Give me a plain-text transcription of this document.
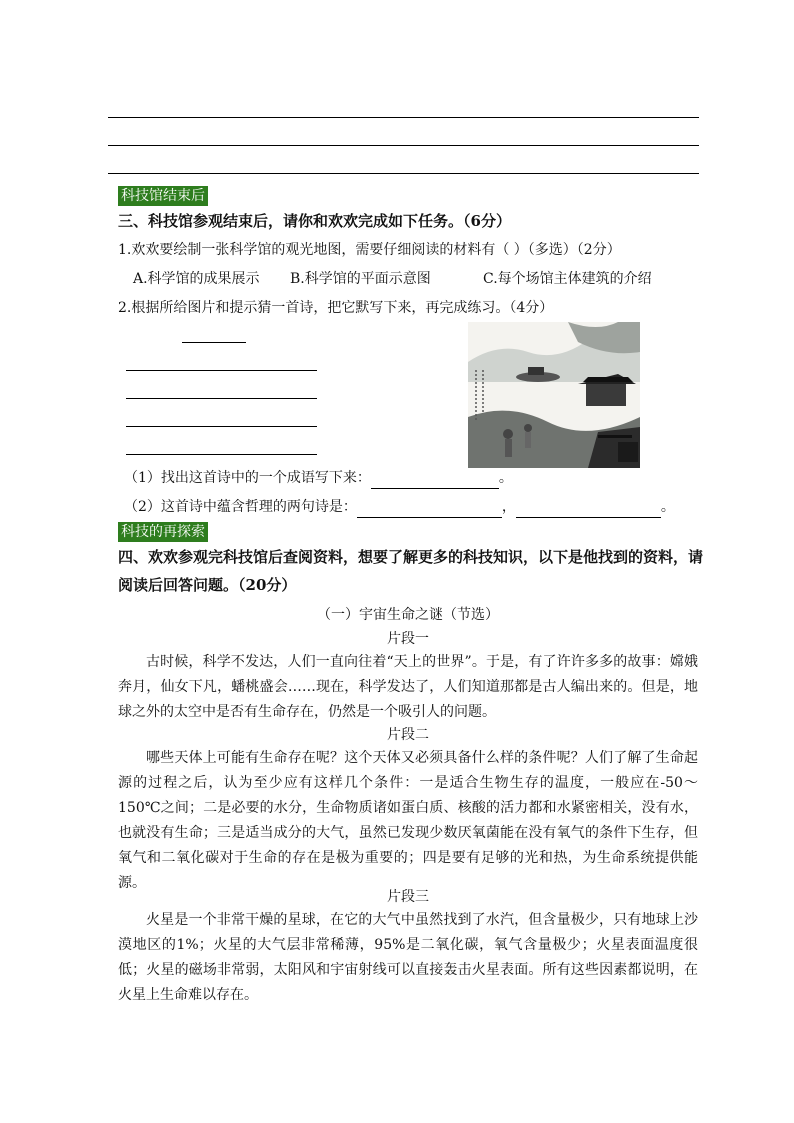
科技馆结束后
三、科技馆参观结束后，请你和欢欢完成如下任务。（6分）
1.欢欢要绘制一张科学馆的观光地图，需要仔细阅读的材料有（ ）（多选）（2分）
A.科学馆的成果展示 B.科学馆的平面示意图	C.每个场馆主体建筑的介绍
2.根据所给图片和提示猜一首诗，把它默写下来，再完成练习。（4分）
（1）找出这首诗中的一个成语写下来：	。
（2）这首诗中蕴含哲理的两句诗是：	，	。
科技的再探索
四、欢欢参观完科技馆后查阅资料，想要了解更多的科技知识，以下是他找到的资料，请
阅读后回答问题。（20分）
（一）宇宙生命之谜（节选）
片段一

古时候，科学不发达，人们一直向往着“天上的世界”。于是，有了许许多多的故事：嫦娥奔月，仙女下凡，蟠桃盛会……现在，科学发达了，人们知道那都是古人编出来的。但是，地球之外的太空中是否有生命存在，仍然是一个吸引人的问题。

片段二

哪些天体上可能有生命存在呢？这个天体又必须具备什么样的条件呢？人们了解了生命起源的过程之后，认为至少应有这样几个条件：一是适合生物生存的温度，一般应在-50～150℃之间；二是必要的水分，生命物质诸如蛋白质、核酸的活力都和水紧密相关，没有水，也就没有生命；三是适当成分的大气，虽然已发现少数厌氧菌能在没有氧气的条件下生存，但氧气和二氧化碳对于生命的存在是极为重要的；四是要有足够的光和热，为生命系统提供能源。

片段三

火星是一个非常干燥的星球，在它的大气中虽然找到了水汽，但含量极少，只有地球上沙漠地区的1%；火星的大气层非常稀薄，95%是二氧化碳，氧气含量极少；火星表面温度很低；火星的磁场非常弱，太阳风和宇宙射线可以直接轰击火星表面。所有这些因素都说明，在火星上生命难以存在。
